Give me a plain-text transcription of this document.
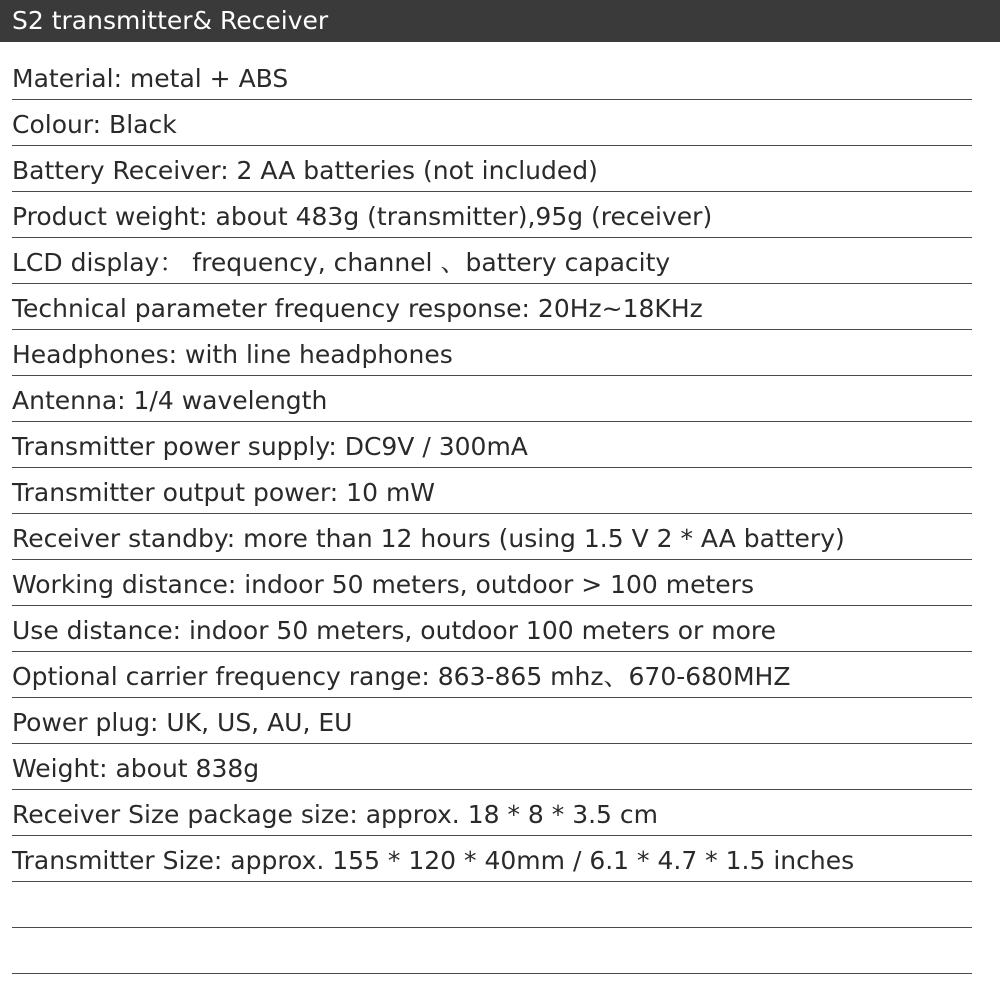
S2 transmitter& Receiver
Material: metal + ABS
Colour: Black
Battery Receiver: 2 AA batteries (not included)
Product weight: about 483g (transmitter),95g (receiver)
LCD display： frequency, channel 、battery capacity
Technical parameter frequency response: 20Hz~18KHz
Headphones: with line headphones
Antenna: 1/4 wavelength
Transmitter power supply: DC9V / 300mA
Transmitter output power: 10 mW
Receiver standby: more than 12 hours (using 1.5 V 2 * AA battery)
Working distance: indoor 50 meters, outdoor > 100 meters
Use distance: indoor 50 meters, outdoor 100 meters or more
Optional carrier frequency range: 863-865 mhz、670-680MHZ
Power plug: UK, US, AU, EU
Weight: about 838g
Receiver Size package size: approx. 18 * 8 * 3.5 cm
Transmitter Size: approx. 155 * 120 * 40mm / 6.1 * 4.7 * 1.5 inches
